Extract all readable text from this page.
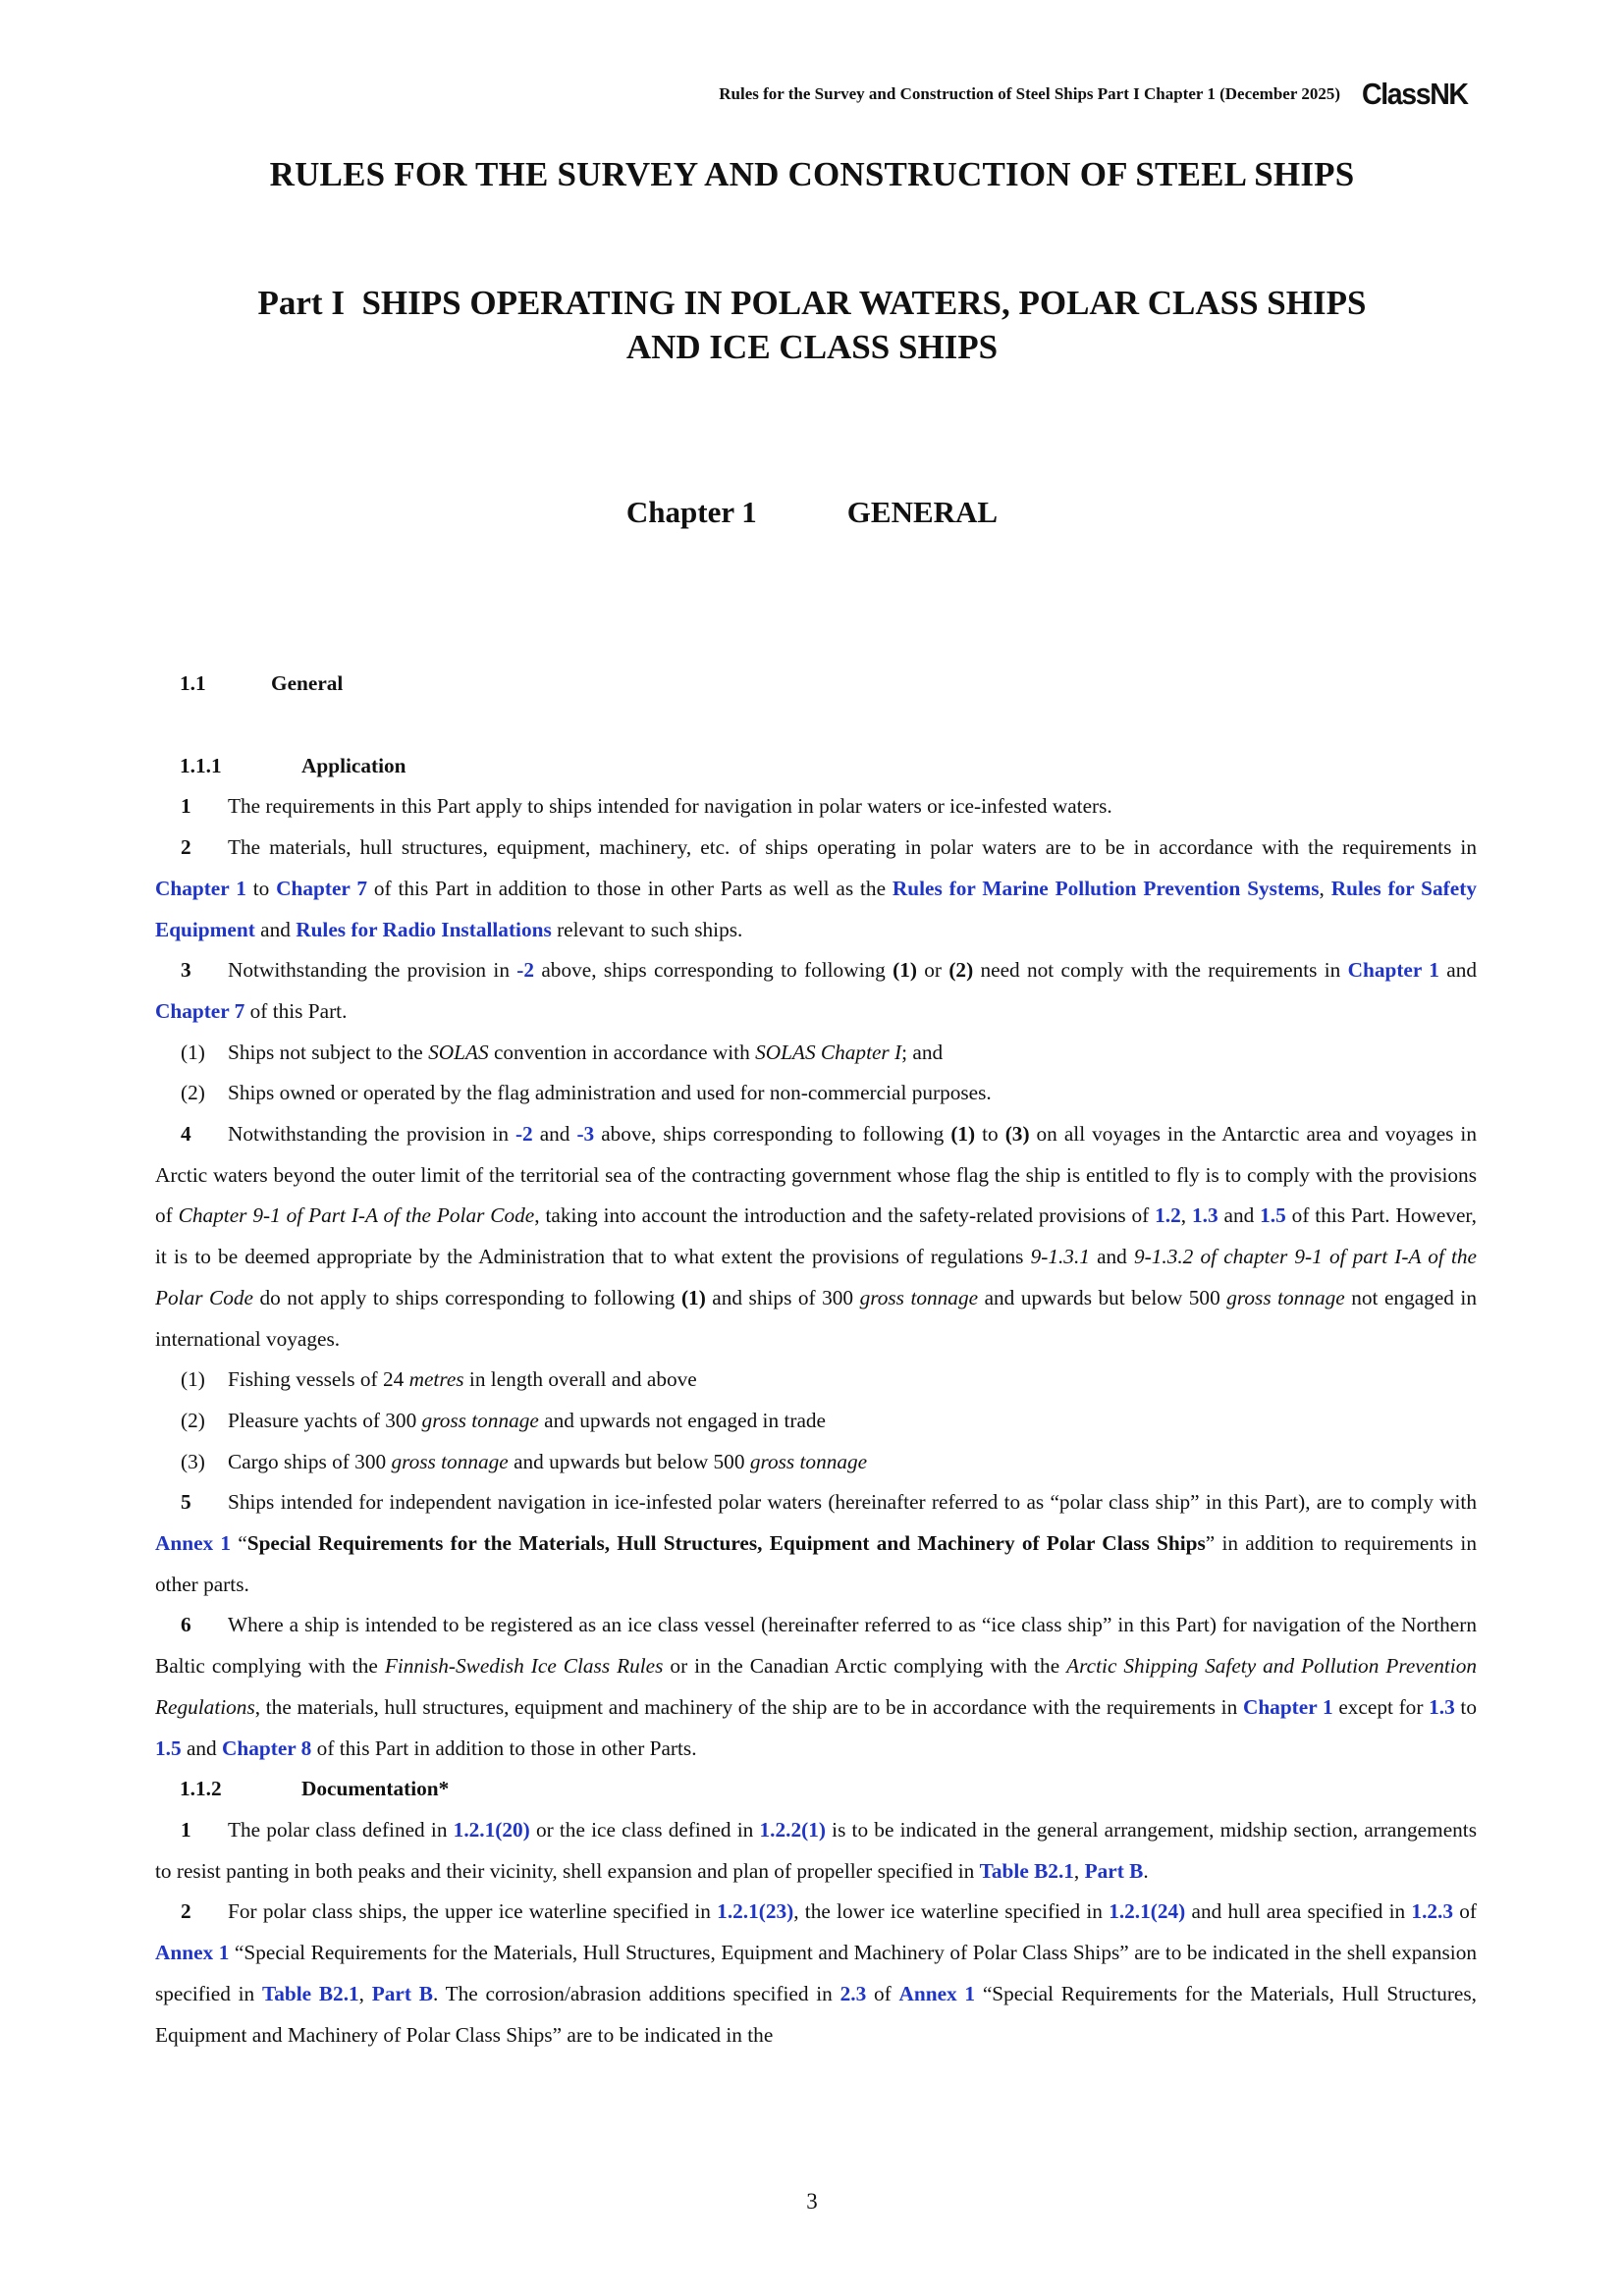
Rules for the Survey and Construction of Steel Ships Part I Chapter 1 (December 2025) ClassNK
RULES FOR THE SURVEY AND CONSTRUCTION OF STEEL SHIPS
Part I  SHIPS OPERATING IN POLAR WATERS, POLAR CLASS SHIPS
AND ICE CLASS SHIPS
Chapter 1	GENERAL
1.1	General
1.1.1	Application

1 The requirements in this Part apply to ships intended for navigation in polar waters or ice-infested waters.

2 The materials, hull structures, equipment, machinery, etc. of ships operating in polar waters are to be in accordance with the requirements in Chapter 1 to Chapter 7 of this Part in addition to those in other Parts as well as the Rules for Marine Pollution Prevention Systems, Rules for Safety Equipment and Rules for Radio Installations relevant to such ships.

3 Notwithstanding the provision in -2 above, ships corresponding to following (1) or (2) need not comply with the requirements in Chapter 1 and Chapter 7 of this Part.

(1) Ships not subject to the SOLAS convention in accordance with SOLAS Chapter I; and

(2) Ships owned or operated by the flag administration and used for non-commercial purposes.

4 Notwithstanding the provision in -2 and -3 above, ships corresponding to following (1) to (3) on all voyages in the Antarctic area and voyages in Arctic waters beyond the outer limit of the territorial sea of the contracting government whose flag the ship is entitled to fly is to comply with the provisions of Chapter 9-1 of Part I-A of the Polar Code, taking into account the introduction and the safety-related provisions of 1.2, 1.3 and 1.5 of this Part. However, it is to be deemed appropriate by the Administration that to what extent the provisions of regulations 9-1.3.1 and 9-1.3.2 of chapter 9-1 of part I-A of the Polar Code do not apply to ships corresponding to following (1) and ships of 300 gross tonnage and upwards but below 500 gross tonnage not engaged in international voyages.

(1) Fishing vessels of 24 metres in length overall and above

(2) Pleasure yachts of 300 gross tonnage and upwards not engaged in trade

(3) Cargo ships of 300 gross tonnage and upwards but below 500 gross tonnage

5 Ships intended for independent navigation in ice-infested polar waters (hereinafter referred to as “polar class ship” in this Part), are to comply with Annex 1 “Special Requirements for the Materials, Hull Structures, Equipment and Machinery of Polar Class Ships” in addition to requirements in other parts.

6 Where a ship is intended to be registered as an ice class vessel (hereinafter referred to as “ice class ship” in this Part) for navigation of the Northern Baltic complying with the Finnish-Swedish Ice Class Rules or in the Canadian Arctic complying with the Arctic Shipping Safety and Pollution Prevention Regulations, the materials, hull structures, equipment and machinery of the ship are to be in accordance with the requirements in Chapter 1 except for 1.3 to 1.5 and Chapter 8 of this Part in addition to those in other Parts.

1.1.2	Documentation*

1 The polar class defined in 1.2.1(20) or the ice class defined in 1.2.2(1) is to be indicated in the general arrangement, midship section, arrangements to resist panting in both peaks and their vicinity, shell expansion and plan of propeller specified in Table B2.1, Part B.

2 For polar class ships, the upper ice waterline specified in 1.2.1(23), the lower ice waterline specified in 1.2.1(24) and hull area specified in 1.2.3 of Annex 1 “Special Requirements for the Materials, Hull Structures, Equipment and Machinery of Polar Class Ships” are to be indicated in the shell expansion specified in Table B2.1, Part B. The corrosion/abrasion additions specified in 2.3 of Annex 1 “Special Requirements for the Materials, Hull Structures, Equipment and Machinery of Polar Class Ships” are to be indicated in the

3
